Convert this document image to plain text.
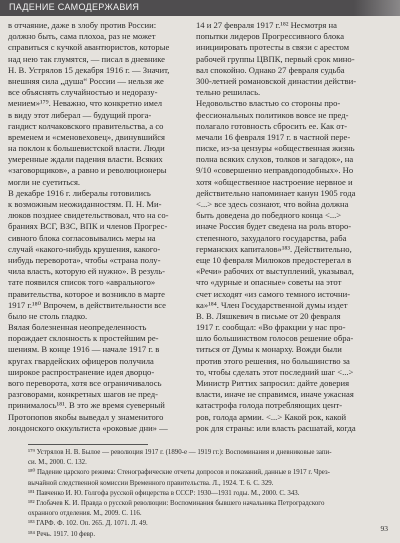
ПАДЕНИЕ САМОДЕРЖАВИЯ
в отчаяние, даже в злобу против России:
должно быть, сама плохоа, раз не может
справиться с кучкой авантюристов, которые
над нею так глумятся, — писал в дневнике
Н. В. Устрялов 15 декабря 1916 г. — Значит,
внешняя сила „душа“ России — нельзя же
все объяснять случайностью и недоразу-
мением»¹⁷⁹. Неважно, что конкретно имел
в виду этот либерал — будущий прога-
гандист колчаковского правительства, а со
временем и «сменовеховец», двинувшийся
на поклон к большевистской власти. Люди
умеренные ждали падения власти. Всяких
«заговорщиков», а равно и революционеры
могли не суетиться.
В декабре 1916 г. либералы готовились
к возможным неожиданностям. П. Н. Ми-
люков позднее свидетельствовал, что на со-
браниях ВСГ, ВЗС, ВПК и членов Прогрес-
сивного блока согласовывались меры на
случай «какого-нибудь крушения, какого-
нибудь переворота», чтобы «страна полу-
чила власть, которую ей нужно». В резуль-
тате появился список того «аврального»
правительства, которое и возникло в марте
1917 г.¹⁸⁰ Впрочем, в действительности все
было не столь гладко.
Вялая болезненная неопределенность
порождает склонность к простейшим ре-
шениям. В конце 1916 — начале 1917 г. в
кругах гвардейских офицеров получила
широкое распространение идея дворцо-
вого переворота, хотя все ограничивалось
разговорами, конкретных шагов не пред-
принималось¹⁸¹. В это же время суеверный
Протопопов якобы выведал у знаменитого
лондонского оккультиста «роковые дни» —
14 и 27 февраля 1917 г.¹⁸² Несмотря на
попытки лидеров Прогрессивного блока
инициировать протесты в связи с арестом
рабочей группы ЦВПК, первый срок мино-
вал спокойно. Однако 27 февраля судьба
300-летней романовской династии действи-
тельно решилась.
Недовольство властью со стороны про-
фессиональных политиков вовсе не пред-
полагало готовность сбросить ее. Как от-
мечали 16 февраля 1917 г. в частной пере-
писке, из-за цензуры «общественная жизнь
полна всяких слухов, толков и загадок», на
9/10 «совершенно неправдоподобных». Но
хотя «общественное настроение нервное и
действительно напоминает канун 1905 года
<...> все здесь сознают, что война должна
быть доведена до победного конца <...>
иначе Россия будет сведена на роль второ-
степенного, захудалого государства, раба
германских капиталов»¹⁸³. Действительно,
еще 10 февраля Милюков предостерегал в
«Речи» рабочих от выступлений, указывал,
что «дурные и опасные» советы на этот
счет исходят «из самого темного источни-
ка»¹⁸⁴. Член Государственной думы издет
В. В. Ляшкевич в письме от 20 февраля
1917 г. сообщал: «Во фракции у нас про-
шло большинством голосов решение обра-
титься от Думы к монарху. Вожди были
против этого решения, но большинство за
то, чтобы сделать этот последний шаг <...>
Министр Риттих запросил: дайте доверия
власти, иначе не справимся, иначе ужасная
катастрофа голода потребляющих цент-
ров, голода армии. <...> Какой рок, какой
рок для страны: или власть расшатай, когда
¹⁷⁹ Устрялов Н. В. Былое — революция 1917 г. (1890-е — 1919 гг.): Воспоминания и дневниковые запи-
си. М., 2000. С. 132.
¹⁸⁰ Падение царского режима: Стенографические отчеты допросов и показаний, данные в 1917 г. Чрез-
вычайной следственной комиссии Временного правительства. Л., 1924. Т. 6. С. 329.
¹⁸¹ Павченко И. Ю. Голгофа русской офицерства в СССР: 1930—1931 годы. М., 2000. С. 343.
¹⁸² Глобачев К. И. Правда о русской революции: Воспоминания бывшего начальника Петроградского
охранного отделения. М., 2009. С. 116.
¹⁸³ ГАРФ. Ф. 102. Оп. 265. Д. 1071. Л. 49.
¹⁸⁴ Речь. 1917. 10 февр.
93
